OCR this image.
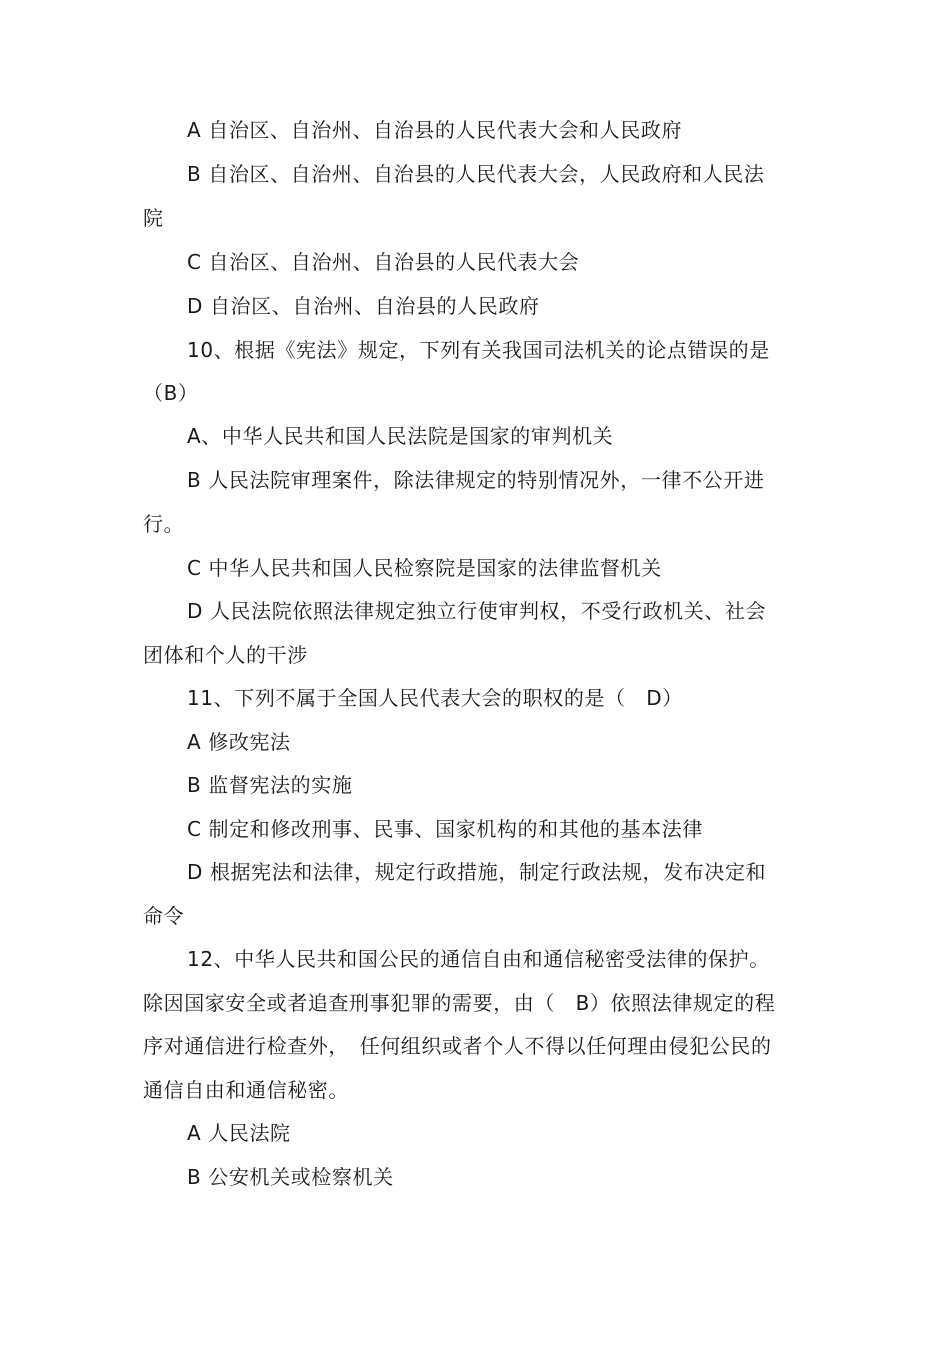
A 自治区、自治州、自治县的人民代表大会和人民政府
B 自治区、自治州、自治县的人民代表大会，人民政府和人民法
院
C 自治区、自治州、自治县的人民代表大会
D 自治区、自治州、自治县的人民政府
10、根据《宪法》规定，下列有关我国司法机关的论点错误的是
（B）
A、中华人民共和国人民法院是国家的审判机关
B 人民法院审理案件，除法律规定的特别情况外，一律不公开进
行。
C 中华人民共和国人民检察院是国家的法律监督机关
D 人民法院依照法律规定独立行使审判权，不受行政机关、社会
团体和个人的干涉
11、下列不属于全国人民代表大会的职权的是（　D）
A 修改宪法
B 监督宪法的实施
C 制定和修改刑事、民事、国家机构的和其他的基本法律
D 根据宪法和法律，规定行政措施，制定行政法规，发布决定和
命令
12、中华人民共和国公民的通信自由和通信秘密受法律的保护。
除因国家安全或者追查刑事犯罪的需要，由（　B）依照法律规定的程
序对通信进行检查外，　任何组织或者个人不得以任何理由侵犯公民的
通信自由和通信秘密。
A 人民法院
B 公安机关或检察机关
